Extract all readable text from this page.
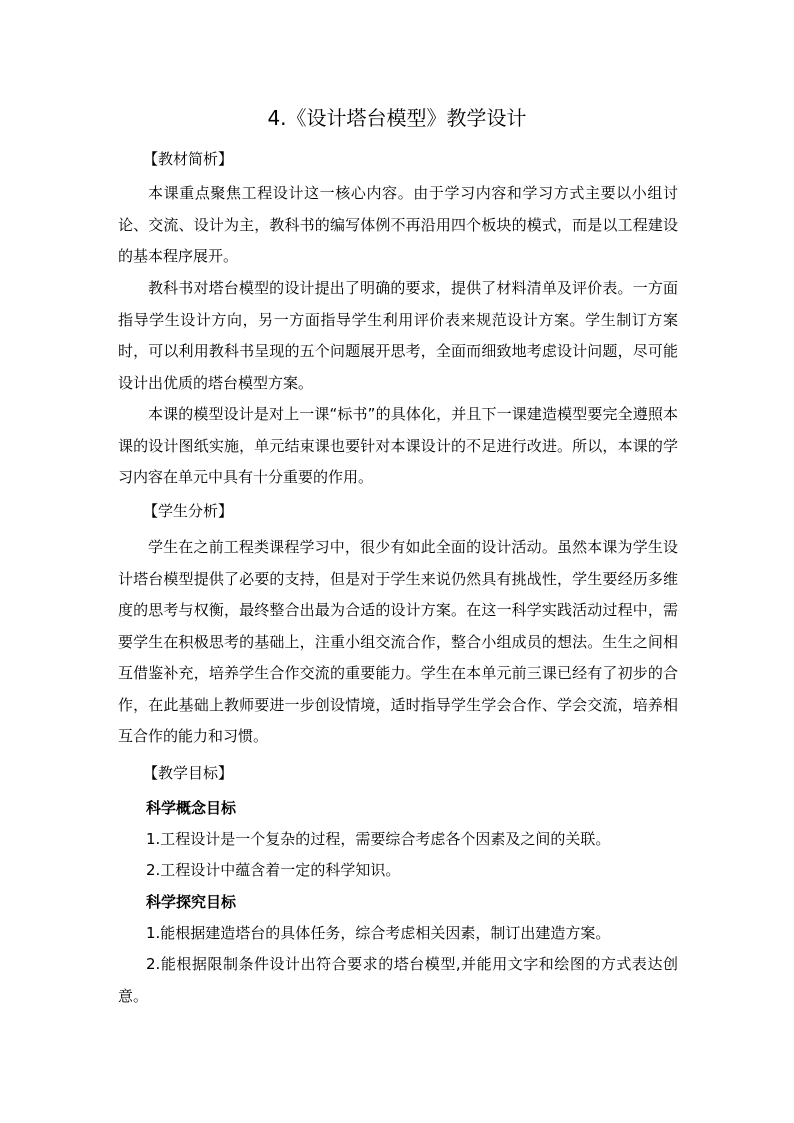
4.《设计塔台模型》教学设计
【教材简析】
本课重点聚焦工程设计这一核心内容。由于学习内容和学习方式主要以小组讨论、交流、设计为主，教科书的编写体例不再沿用四个板块的模式，而是以工程建设的基本程序展开。
教科书对塔台模型的设计提出了明确的要求，提供了材料清单及评价表。一方面指导学生设计方向，另一方面指导学生利用评价表来规范设计方案。学生制订方案时，可以利用教科书呈现的五个问题展开思考，全面而细致地考虑设计问题，尽可能设计出优质的塔台模型方案。
本课的模型设计是对上一课“标书”的具体化，并且下一课建造模型要完全遵照本课的设计图纸实施，单元结束课也要针对本课设计的不足进行改进。所以，本课的学习内容在单元中具有十分重要的作用。
【学生分析】
学生在之前工程类课程学习中，很少有如此全面的设计活动。虽然本课为学生设计塔台模型提供了必要的支持，但是对于学生来说仍然具有挑战性，学生要经历多维度的思考与权衡，最终整合出最为合适的设计方案。在这一科学实践活动过程中，需要学生在积极思考的基础上，注重小组交流合作，整合小组成员的想法。生生之间相互借鉴补充，培养学生合作交流的重要能力。学生在本单元前三课已经有了初步的合作，在此基础上教师要进一步创设情境，适时指导学生学会合作、学会交流，培养相互合作的能力和习惯。
【教学目标】
科学概念目标
1.工程设计是一个复杂的过程，需要综合考虑各个因素及之间的关联。
2.工程设计中蕴含着一定的科学知识。
科学探究目标
1.能根据建造塔台的具体任务，综合考虑相关因素，制订出建造方案。
2.能根据限制条件设计出符合要求的塔台模型,并能用文字和绘图的方式表达创意。
